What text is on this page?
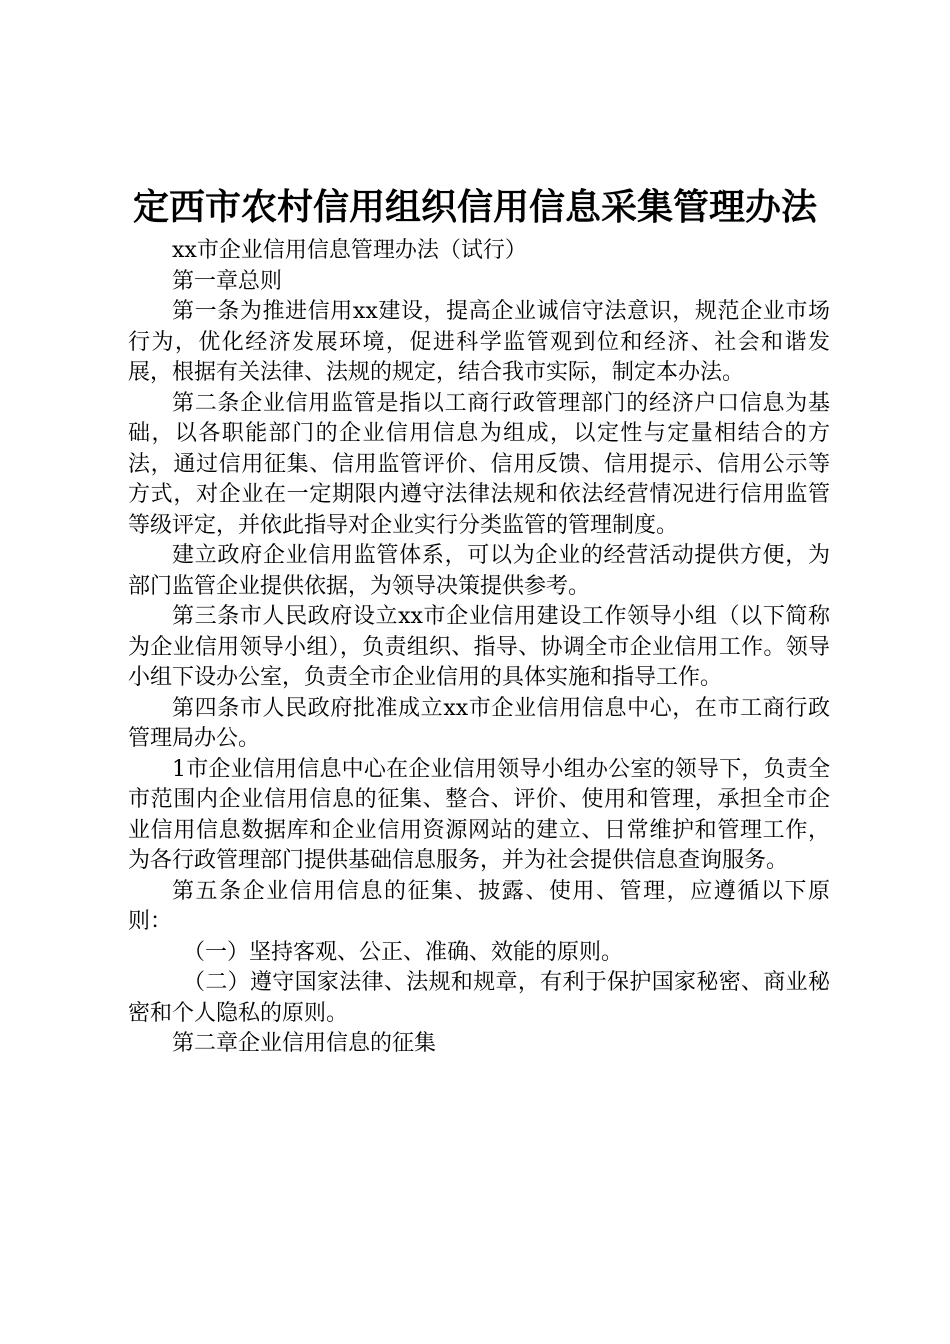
定西市农村信用组织信用信息采集管理办法

xx市企业信用信息管理办法（试行）

第一章总则

第一条为推进信用xx建设，提高企业诚信守法意识，规范企业市场行为，优化经济发展环境，促进科学监管观到位和经济、社会和谐发展，根据有关法律、法规的规定，结合我市实际，制定本办法。

第二条企业信用监管是指以工商行政管理部门的经济户口信息为基础，以各职能部门的企业信用信息为组成，以定性与定量相结合的方法，通过信用征集、信用监管评价、信用反馈、信用提示、信用公示等方式，对企业在一定期限内遵守法律法规和依法经营情况进行信用监管等级评定，并依此指导对企业实行分类监管的管理制度。

建立政府企业信用监管体系，可以为企业的经营活动提供方便，为部门监管企业提供依据，为领导决策提供参考。

第三条市人民政府设立xx市企业信用建设工作领导小组（以下简称为企业信用领导小组），负责组织、指导、协调全市企业信用工作。领导小组下设办公室，负责全市企业信用的具体实施和指导工作。

第四条市人民政府批准成立xx市企业信用信息中心，在市工商行政管理局办公。

1市企业信用信息中心在企业信用领导小组办公室的领导下，负责全市范围内企业信用信息的征集、整合、评价、使用和管理，承担全市企业信用信息数据库和企业信用资源网站的建立、日常维护和管理工作，为各行政管理部门提供基础信息服务，并为社会提供信息查询服务。

第五条企业信用信息的征集、披露、使用、管理，应遵循以下原则：

（一）坚持客观、公正、准确、效能的原则。

（二）遵守国家法律、法规和规章，有利于保护国家秘密、商业秘密和个人隐私的原则。

第二章企业信用信息的征集
